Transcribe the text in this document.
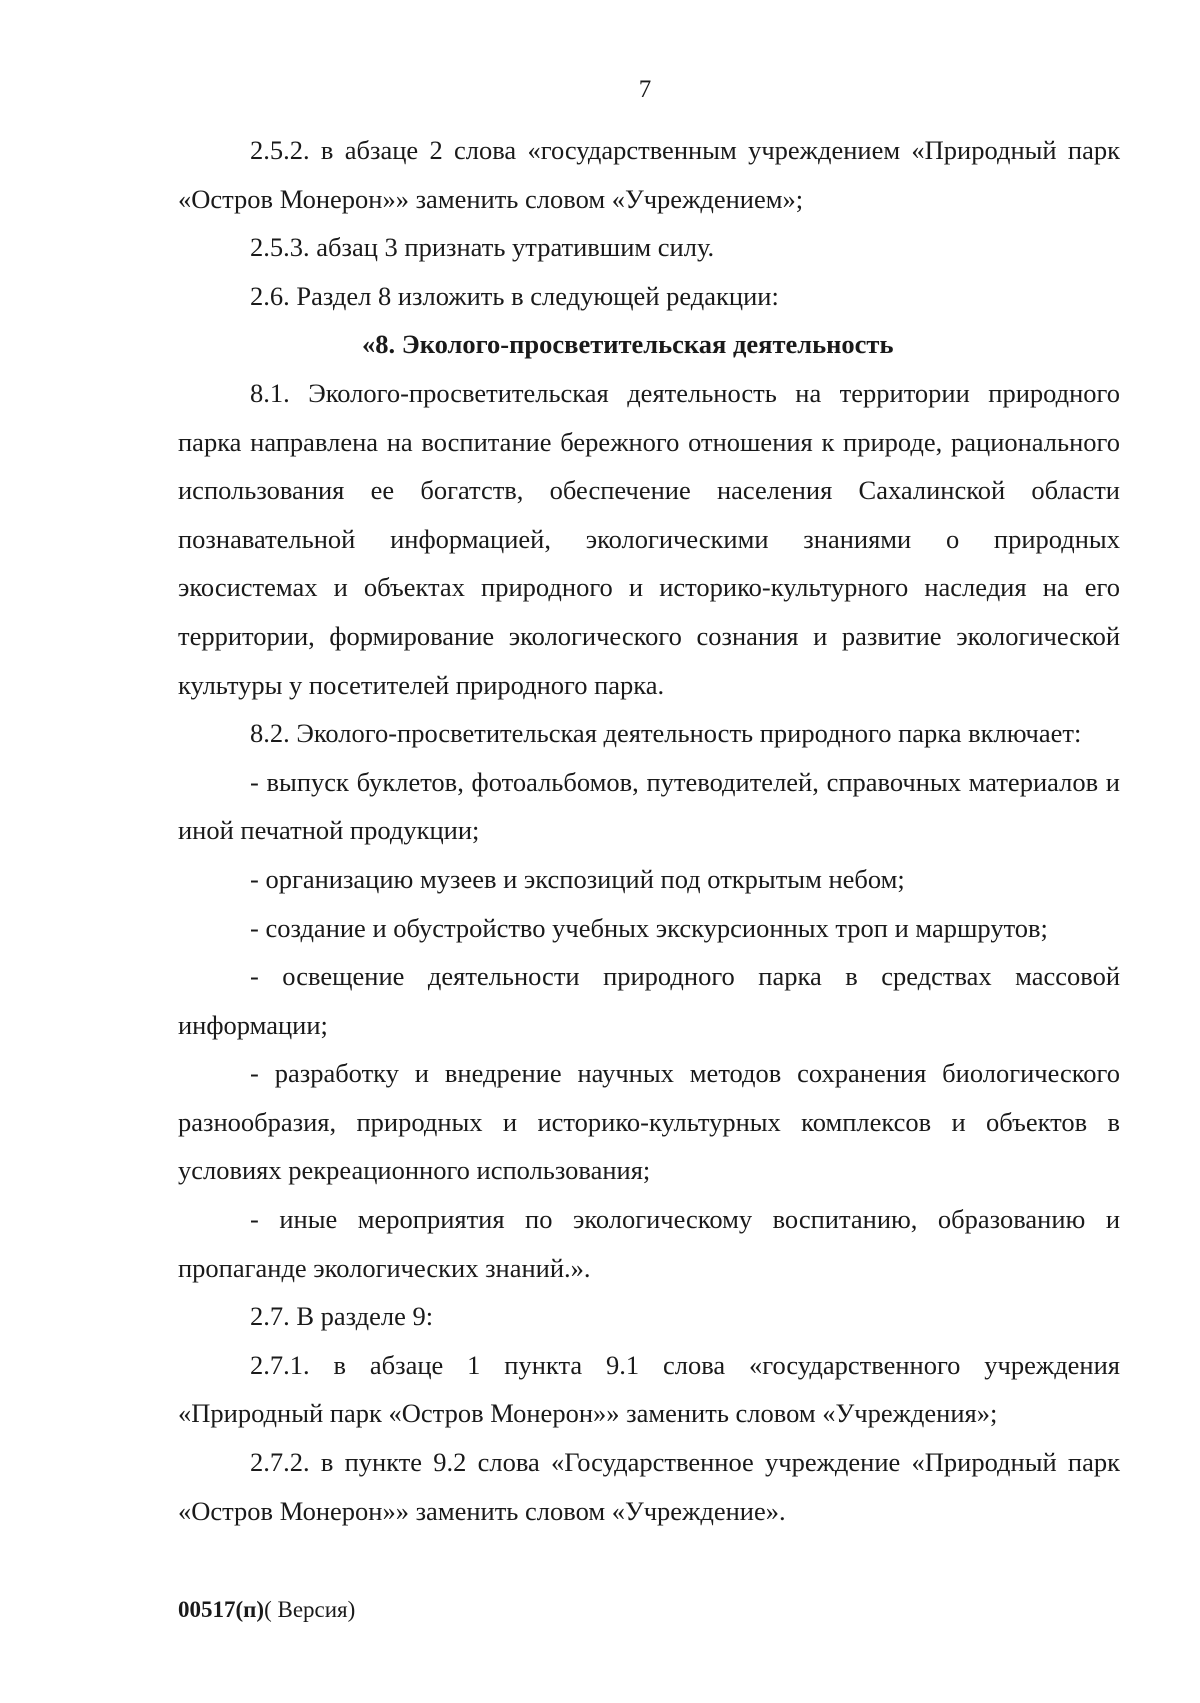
7

2.5.2. в абзаце 2 слова «государственным учреждением «Природный парк «Остров Монерон»» заменить словом «Учреждением»;

2.5.3. абзац 3 признать утратившим силу.

2.6. Раздел 8 изложить в следующей редакции:

«8. Эколого-просветительская деятельность

8.1. Эколого-просветительская деятельность на территории природного парка направлена на воспитание бережного отношения к природе, рационального использования ее богатств, обеспечение населения Сахалинской области познавательной информацией, экологическими знаниями о природных экосистемах и объектах природного и историко-культурного наследия на его территории, формирование экологического сознания и развитие экологической культуры у посетителей природного парка.

8.2. Эколого-просветительская деятельность природного парка включает:

- выпуск буклетов, фотоальбомов, путеводителей, справочных материалов и иной печатной продукции;

- организацию музеев и экспозиций под открытым небом;

- создание и обустройство учебных экскурсионных троп и маршрутов;

- освещение деятельности природного парка в средствах массовой информации;

- разработку и внедрение научных методов сохранения биологического разнообразия, природных и историко-культурных комплексов и объектов в условиях рекреационного использования;

- иные мероприятия по экологическому воспитанию, образованию и пропаганде экологических знаний.».

2.7. В разделе 9:

2.7.1. в абзаце 1 пункта 9.1 слова «государственного учреждения «Природный парк «Остров Монерон»» заменить словом «Учреждения»;

2.7.2. в пункте 9.2 слова «Государственное учреждение «Природный парк «Остров Монерон»» заменить словом «Учреждение».

00517(п)( Версия)
